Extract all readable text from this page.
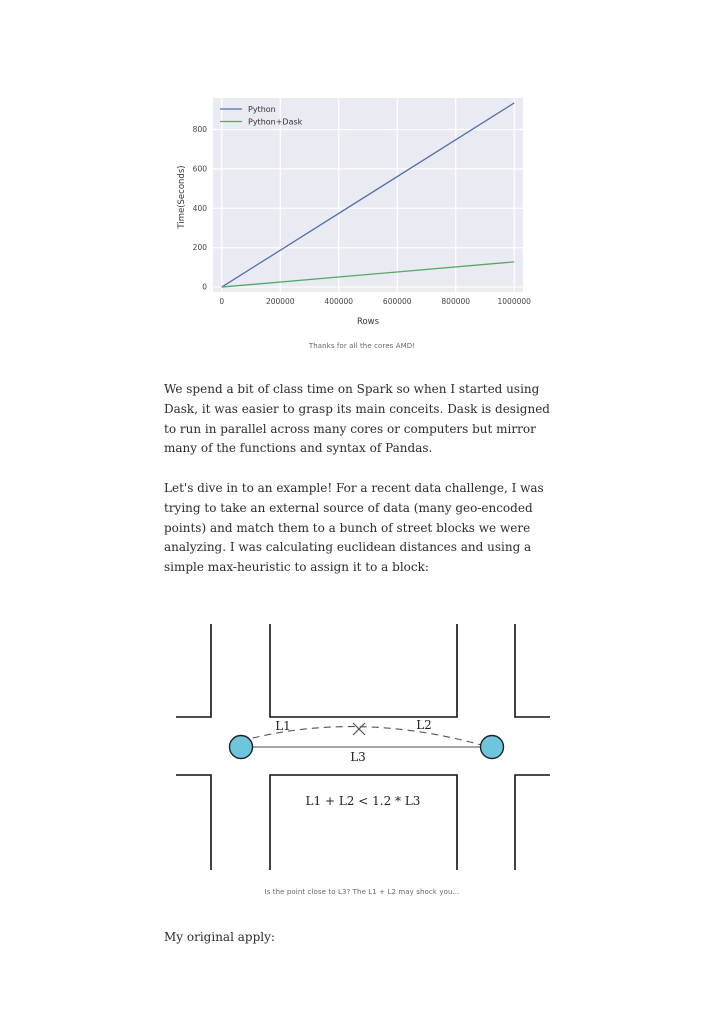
0	200000	400000	600000	800000	1000000
0
200
400
600
800
Rows
Time(Seconds)
Python
Python+Dask
Thanks for all the cores AMD!

We spend a bit of class time on Spark so when I started using Dask, it was easier to grasp its main conceits. Dask is designed to run in parallel across many cores or computers but mirror many of the functions and syntax of Pandas.

Let's dive in to an example! For a recent data challenge, I was trying to take an external source of data (many geo-encoded points) and match them to a bunch of street blocks we were analyzing. I was calculating euclidean distances and using a simple max-heuristic to assign it to a block:

L1	L2
L3
L1 + L2 < 1.2 * L3
Is the point close to L3? The L1 + L2 may shock you...

My original apply:
